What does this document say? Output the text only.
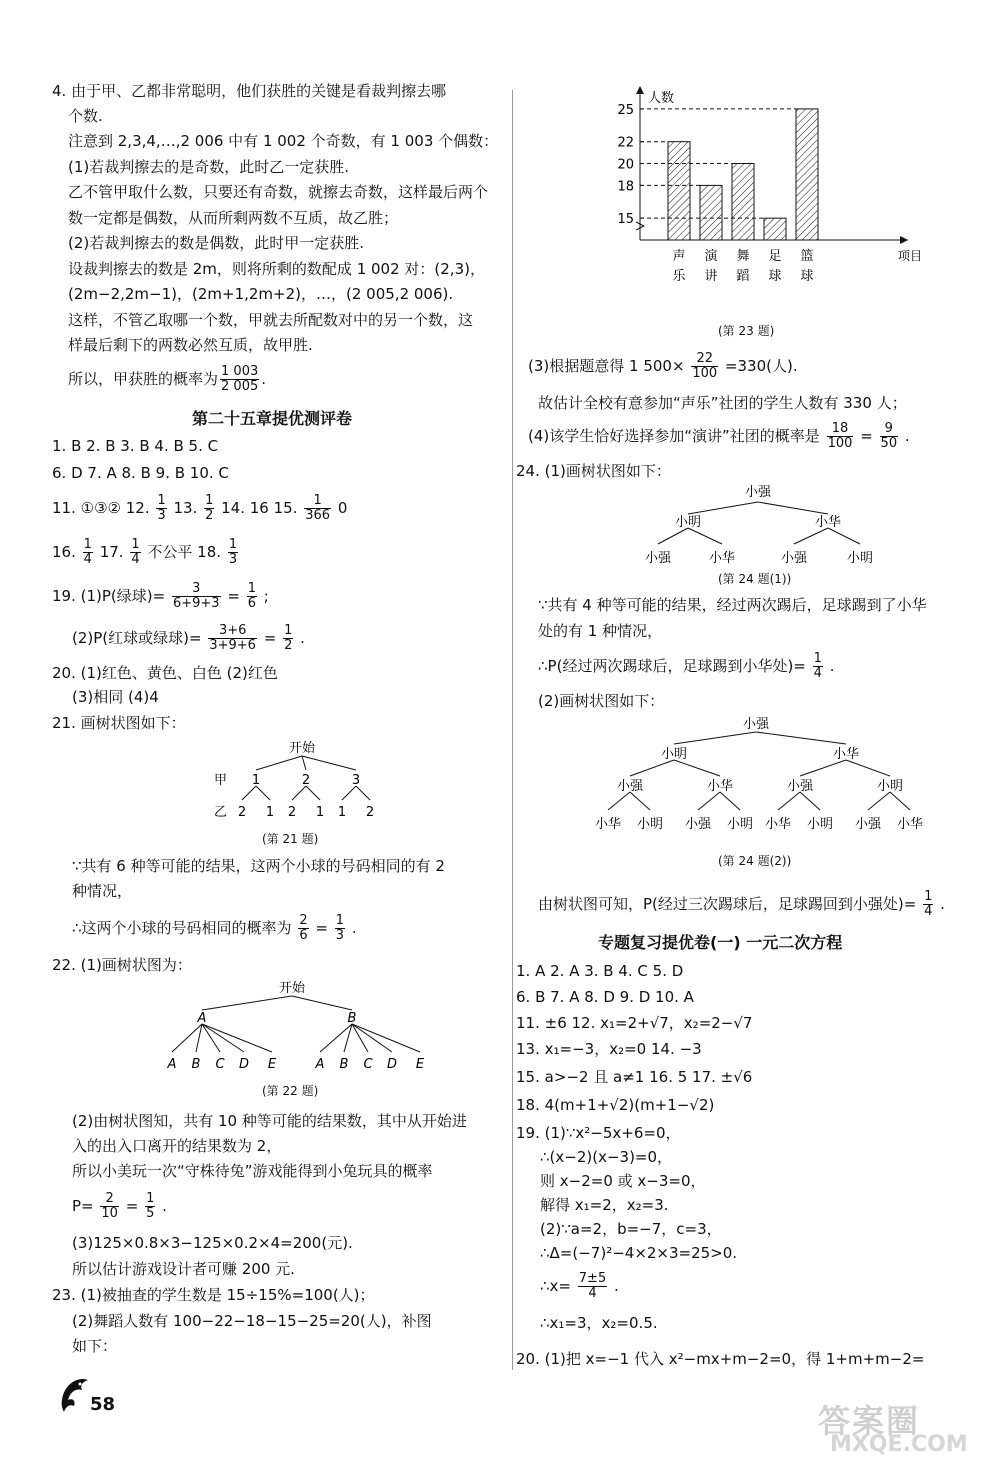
4. 由于甲、乙都非常聪明，他们获胜的关键是看裁判擦去哪
个数.
注意到 2,3,4,…,2 006 中有 1 002 个奇数，有 1 003 个偶数：
(1)若裁判擦去的是奇数，此时乙一定获胜.
乙不管甲取什么数，只要还有奇数，就擦去奇数，这样最后两个
数一定都是偶数，从而所剩两数不互质，故乙胜；
(2)若裁判擦去的数是偶数，此时甲一定获胜.
设裁判擦去的数是 2m，则将所剩的数配成 1 002 对：(2,3)，
(2m−2,2m−1)，(2m+1,2m+2)，…，(2 005,2 006).
这样，不管乙取哪一个数，甲就去所配数对中的另一个数，这
样最后剩下的两数必然互质，故甲胜.
所以，甲获胜的概率为 $\frac{1 003}{2 005}$ .
第二十五章提优测评卷
1. B 2. B 3. B 4. B 5. C
6. D 7. A 8. B 9. B 10. C
11. ①③② 12. $\frac{1}{3} 13$. $\frac{1}{2} 14$. 16 15. $\frac{1}{366} 0$
16. $\frac{1}{4} 17$. $\frac{1}{4}$ 不公平 18. $\frac{1}{3}$
19. (1)P(绿球)= $\frac{3}{6+9+3} = \frac{1}{6}$ ;
(2)P(红球或绿球)= $\frac{3+6}{3+9+6} = \frac{1}{2}$ .
20. (1)红色、黄色、白色 (2)红色
(3)相同 (4)4
21. 画树状图如下：
开始
甲
乙
1	2	3
2 1 2 1 1 2
(第 21 题)
∵共有 6 种等可能的结果，这两个小球的号码相同的有 2
种情况，
∴这两个小球的号码相同的概率为 $\frac{2}{6} = \frac{1}{3}$ .
22. (1)画树状图为：
开始
A	B
A B C D E	A B C D E
(第 22 题)
(2)由树状图知，共有 10 种等可能的结果数，其中从开始进
入的出入口离开的结果数为 2，
所以小美玩一次“守株待兔”游戏能得到小兔玩具的概率
$P= \frac{2}{10} = \frac{1}{5}$ .
(3)125×0.8×3−125×0.2×4=200(元).
所以估计游戏设计者可赚 200 元.
23. (1)被抽查的学生数是 15÷15%=100(人)；
(2)舞蹈人数有 100−22−18−15−25=20(人)，补图
如下：
人数
项目
15
18
20
22
25
声
乐
演
讲
舞
蹈
足
球
篮
球
(第 23 题)
(3)根据题意得 1 $500\times \frac{22}{100} =330$(人).
故估计全校有意参加“声乐”社团的学生人数有 330 人；
(4)该学生恰好选择参加“演讲”社团的概率是 $\frac{18}{100} = \frac{9}{50}$ .
24. (1)画树状图如下：
小强
小明	小华
小强	小华	小强	小明
(第 24 题(1))
∵共有 4 种等可能的结果，经过两次踢后，足球踢到了小华
处的有 1 种情况，
∴P(经过两次踢球后，足球踢到小华处)= $\frac{1}{4}$ .
(2)画树状图如下：
小强
小明	小华
小强	小华	小强	小明
小华 小明 小强 小明 小华 小明 小强 小华
(第 24 题(2))
由树状图可知，P(经过三次踢球后，足球踢回到小强处)= $\frac{1}{4}$ .
专题复习提优卷(一) 一元二次方程
1. A 2. A 3. B 4. C 5. D
6. B 7. A 8. D 9. D 10. A
11. ±6 12. x₁=2+√7，x₂=2−√7
13. x₁=−3，x₂=0 14. −3
15. a>−2 且 a≠1 16. 5 17. ±√6
18. 4(m+1+√2)(m+1−√2)
19. (1)∵x²−5x+6=0，
∴(x−2)(x−3)=0，
则 x−2=0 或 x−3=0，
解得 x₁=2，x₂=3.
(2)∵a=2，b=−7，c=3，
∴Δ=(−7)²−4×2×3=25>0.
∴x= $\frac{7\pm 5}{4}$ .
∴x₁=3，x₂=0.5.
20. (1)把 x=−1 代入 x²−mx+m−2=0，得 1+m+m−2=
58	答案圈
MXQE.COM
